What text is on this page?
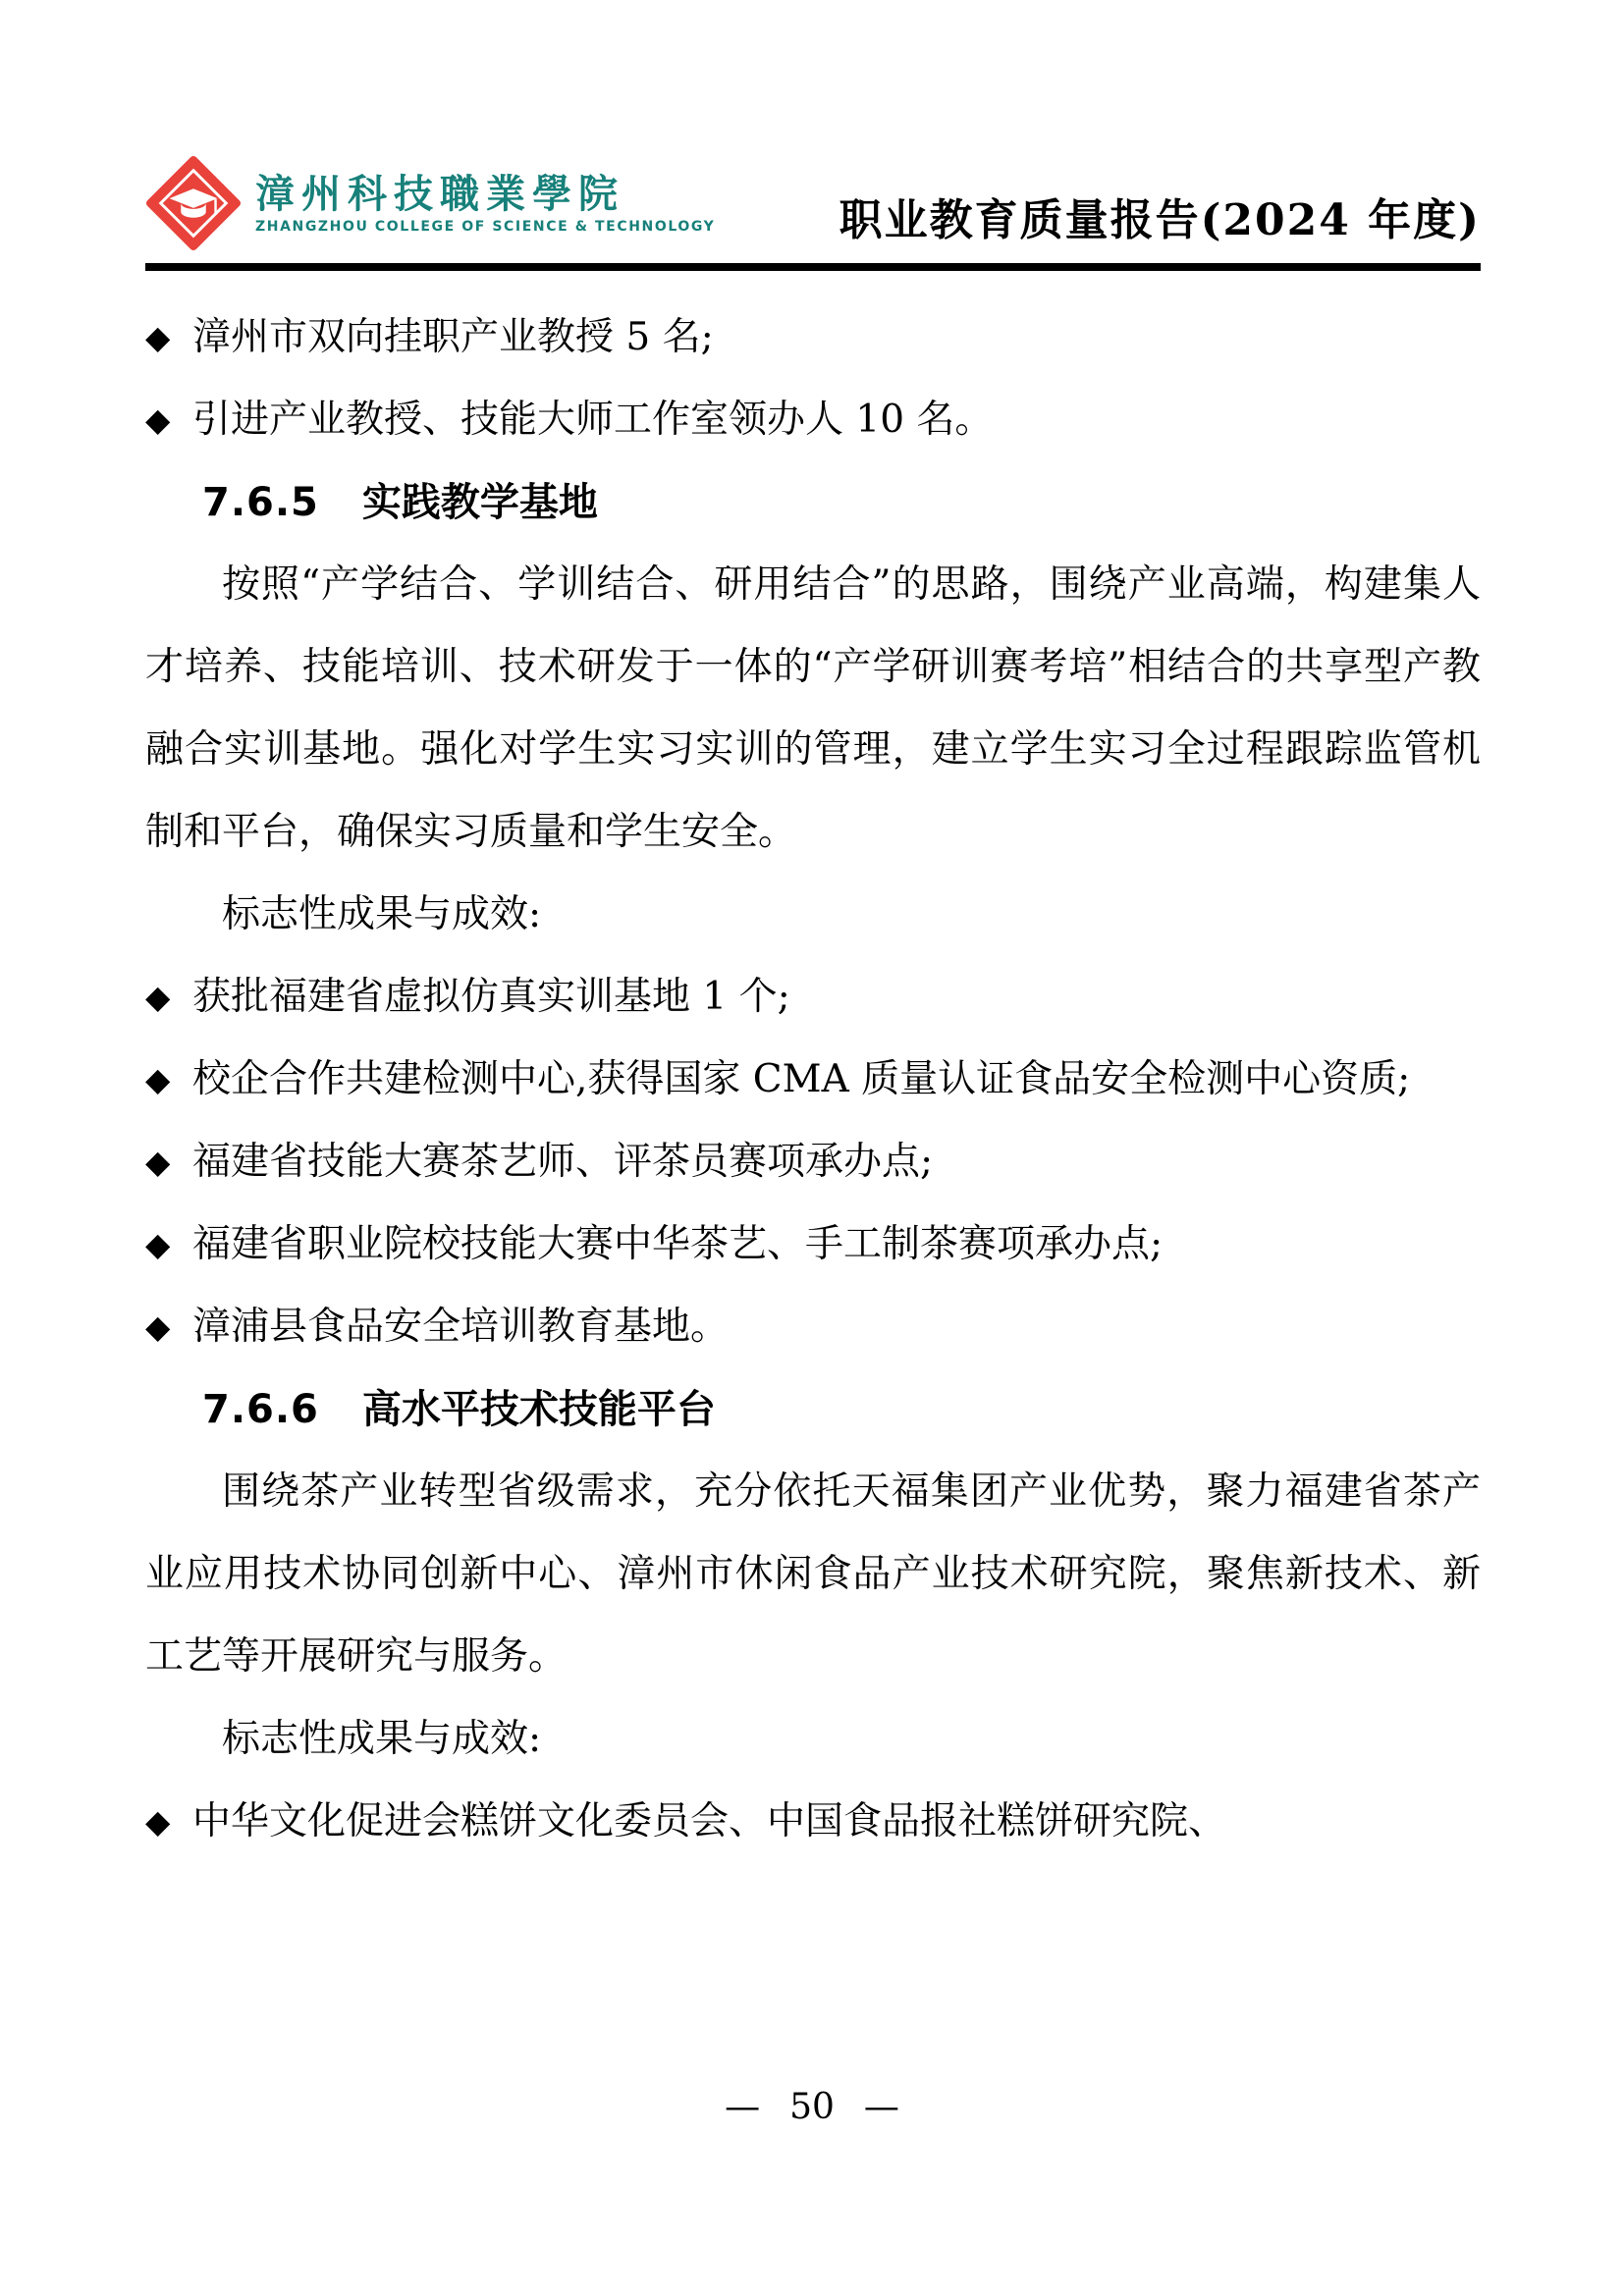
漳州科技職業學院
ZHANGZHOU COLLEGE OF SCIENCE & TECHNOLOGY	职业教育质量报告(2024 年度)
◆ 漳州市双向挂职产业教授 5 名;
◆ 引进产业教授、技能大师工作室领办人 10 名。
7.6.5 实践教学基地
按照“产学结合、学训结合、研用结合”的思路，围绕产业高端，构建集人才培养、技能培训、技术研发于一体的“产学研训赛考培”相结合的共享型产教融合实训基地。强化对学生实习实训的管理，建立学生实习全过程跟踪监管机制和平台，确保实习质量和学生安全。
标志性成果与成效:
◆ 获批福建省虚拟仿真实训基地 1 个;
◆ 校企合作共建检测中心,获得国家 CMA 质量认证食品安全检测中心资质;
◆ 福建省技能大赛茶艺师、评茶员赛项承办点;
◆ 福建省职业院校技能大赛中华茶艺、手工制茶赛项承办点;
◆ 漳浦县食品安全培训教育基地。
7.6.6 高水平技术技能平台
围绕茶产业转型省级需求，充分依托天福集团产业优势，聚力福建省茶产业应用技术协同创新中心、漳州市休闲食品产业技术研究院，聚焦新技术、新工艺等开展研究与服务。
标志性成果与成效:
◆ 中华文化促进会糕饼文化委员会、中国食品报社糕饼研究院、
— 50 —
